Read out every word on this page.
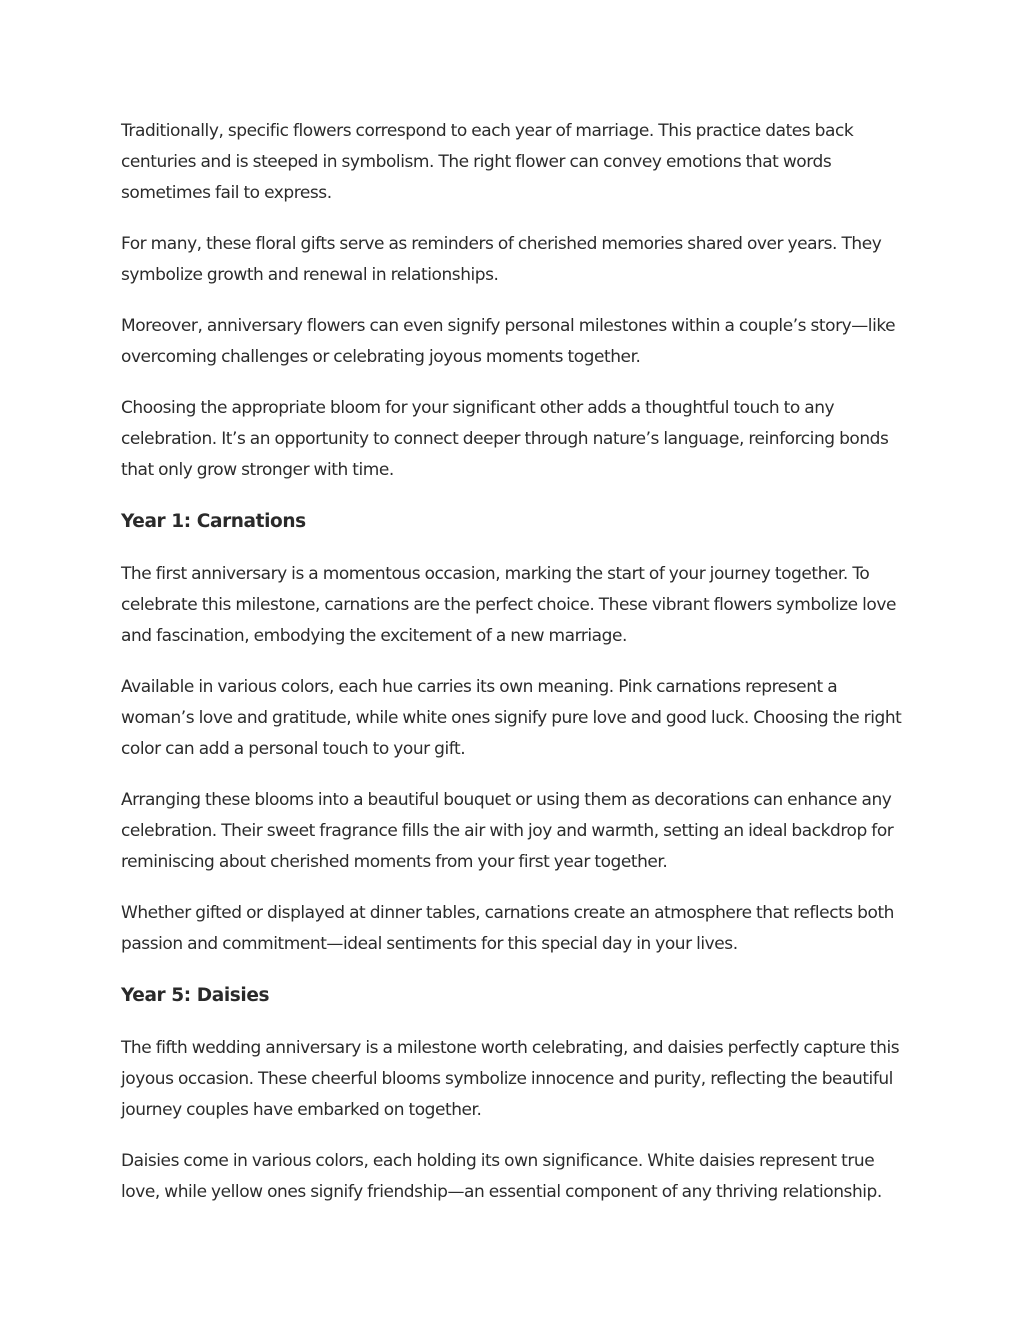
Traditionally, specific flowers correspond to each year of marriage. This practice dates back centuries and is steeped in symbolism. The right flower can convey emotions that words sometimes fail to express.

For many, these floral gifts serve as reminders of cherished memories shared over years. They symbolize growth and renewal in relationships.

Moreover, anniversary flowers can even signify personal milestones within a couple’s story—like overcoming challenges or celebrating joyous moments together.

Choosing the appropriate bloom for your significant other adds a thoughtful touch to any celebration. It’s an opportunity to connect deeper through nature’s language, reinforcing bonds that only grow stronger with time.

Year 1: Carnations

The first anniversary is a momentous occasion, marking the start of your journey together. To celebrate this milestone, carnations are the perfect choice. These vibrant flowers symbolize love and fascination, embodying the excitement of a new marriage.

Available in various colors, each hue carries its own meaning. Pink carnations represent a woman’s love and gratitude, while white ones signify pure love and good luck. Choosing the right color can add a personal touch to your gift.

Arranging these blooms into a beautiful bouquet or using them as decorations can enhance any celebration. Their sweet fragrance fills the air with joy and warmth, setting an ideal backdrop for reminiscing about cherished moments from your first year together.

Whether gifted or displayed at dinner tables, carnations create an atmosphere that reflects both passion and commitment—ideal sentiments for this special day in your lives.

Year 5: Daisies

The fifth wedding anniversary is a milestone worth celebrating, and daisies perfectly capture this joyous occasion. These cheerful blooms symbolize innocence and purity, reflecting the beautiful journey couples have embarked on together.

Daisies come in various colors, each holding its own significance. White daisies represent true love, while yellow ones signify friendship—an essential component of any thriving relationship.
